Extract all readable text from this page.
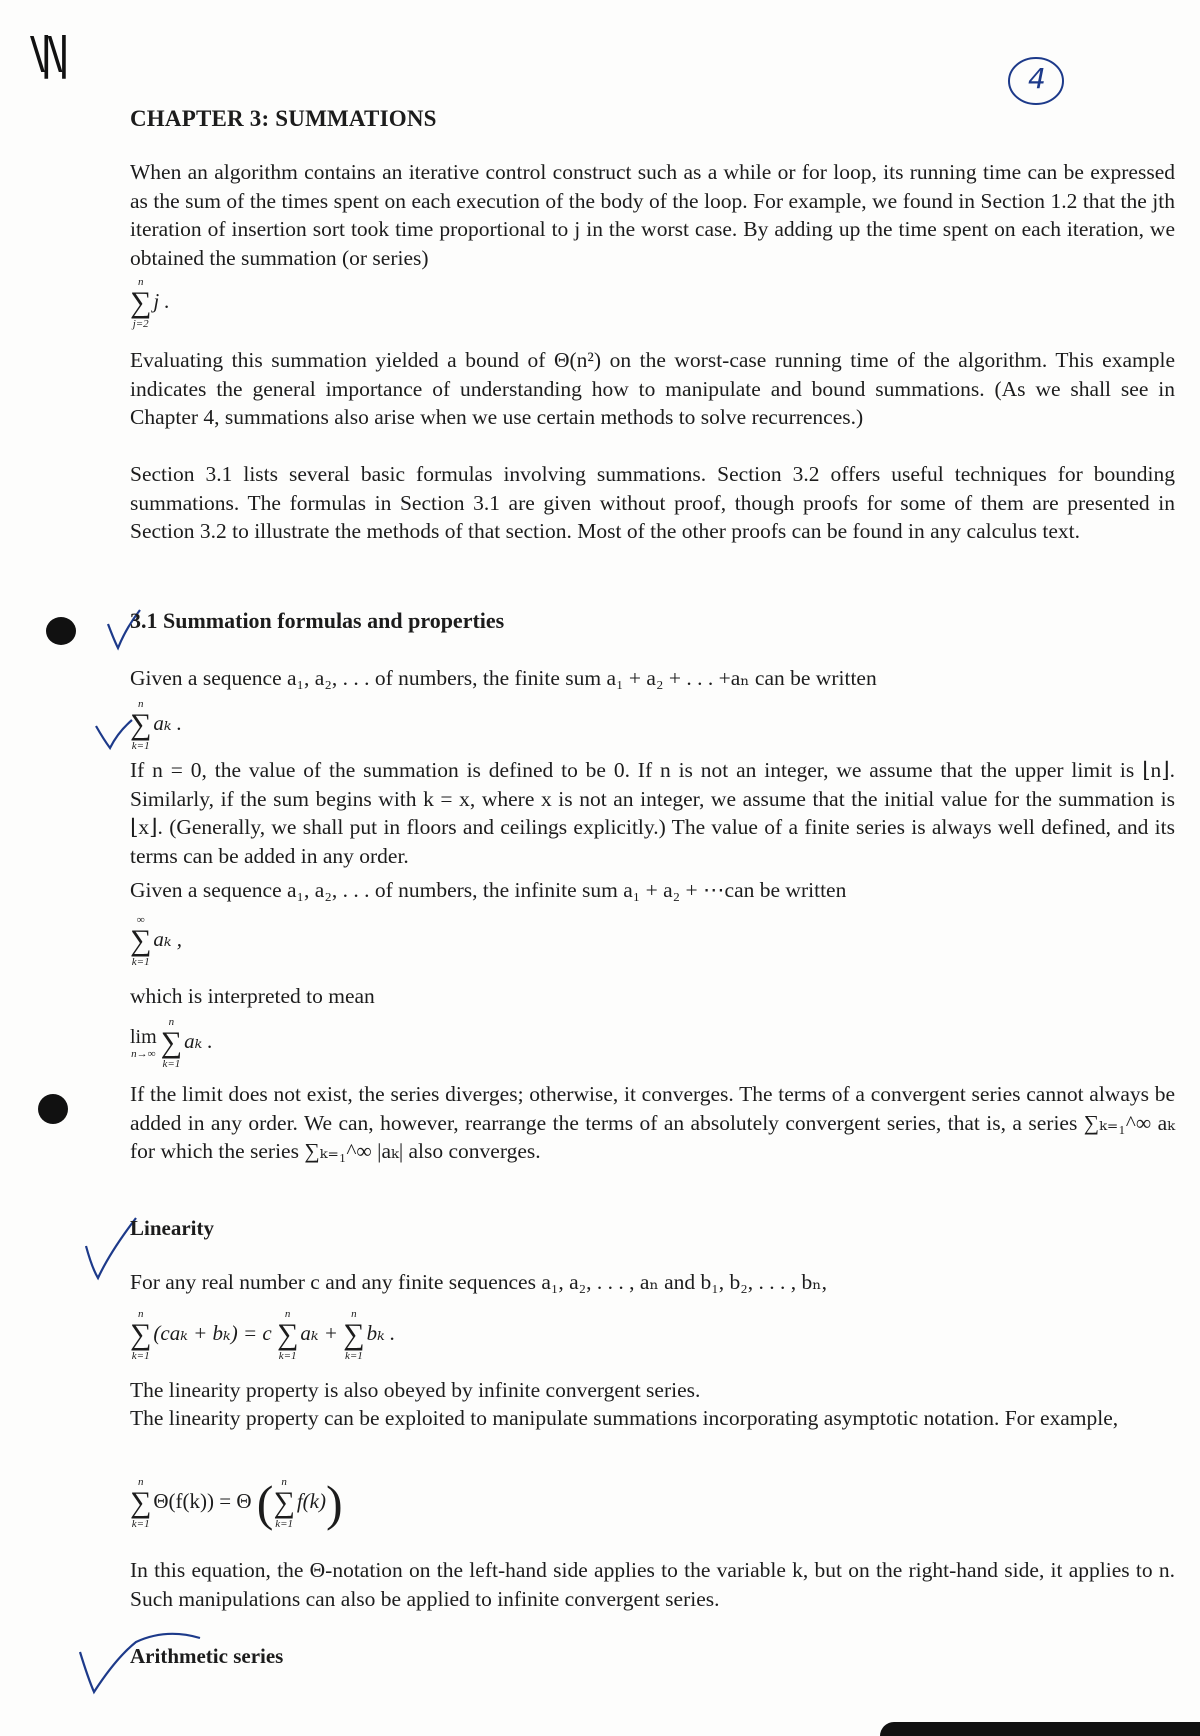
\|\|	4
CHAPTER 3: SUMMATIONS

When an algorithm contains an iterative control construct such as a while or for loop, its running time can be expressed as the sum of the times spent on each execution of the body of the loop. For example, we found in Section 1.2 that the jth iteration of insertion sort took time proportional to j in the worst case. By adding up the time spent on each iteration, we obtained the summation (or series)

n
∑
j=2
j .

Evaluating this summation yielded a bound of Θ(n²) on the worst-case running time of the algorithm. This example indicates the general importance of understanding how to manipulate and bound summations. (As we shall see in Chapter 4, summations also arise when we use certain methods to solve recurrences.)

Section 3.1 lists several basic formulas involving summations. Section 3.2 offers useful techniques for bounding summations. The formulas in Section 3.1 are given without proof, though proofs for some of them are presented in Section 3.2 to illustrate the methods of that section. Most of the other proofs can be found in any calculus text.

3.1 Summation formulas and properties

Given a sequence a₁, a₂, . . . of numbers, the finite sum a₁ + a₂ + . . . +aₙ can be written

n
∑
k=1
aₖ .

If n = 0, the value of the summation is defined to be 0. If n is not an integer, we assume that the upper limit is ⌊n⌋. Similarly, if the sum begins with k = x, where x is not an integer, we assume that the initial value for the summation is ⌊x⌋. (Generally, we shall put in floors and ceilings explicitly.) The value of a finite series is always well defined, and its terms can be added in any order.

Given a sequence a₁, a₂, . . . of numbers, the infinite sum a₁ + a₂ + ⋯can be written

∞
∑
k=1
aₖ ,

which is interpreted to mean

lim
n→∞
n
∑
k=1
aₖ .

If the limit does not exist, the series diverges; otherwise, it converges. The terms of a convergent series cannot always be added in any order. We can, however, rearrange the terms of an absolutely convergent series, that is, a series ∑ₖ₌₁^∞ aₖ for which the series ∑ₖ₌₁^∞ |aₖ| also converges.

Linearity

For any real number c and any finite sequences a₁, a₂, . . . , aₙ and b₁, b₂, . . . , bₙ,

n
∑
k=1
(caₖ + bₖ) = c
n
∑
k=1
aₖ +
n
∑
k=1
bₖ .

The linearity property is also obeyed by infinite convergent series.

The linearity property can be exploited to manipulate summations incorporating asymptotic notation. For example,

n
∑
k=1
Θ(f(k)) = Θ ( n
∑
k=1
f(k))

In this equation, the Θ-notation on the left-hand side applies to the variable k, but on the right-hand side, it applies to n. Such manipulations can also be applied to infinite convergent series.

Arithmetic series
